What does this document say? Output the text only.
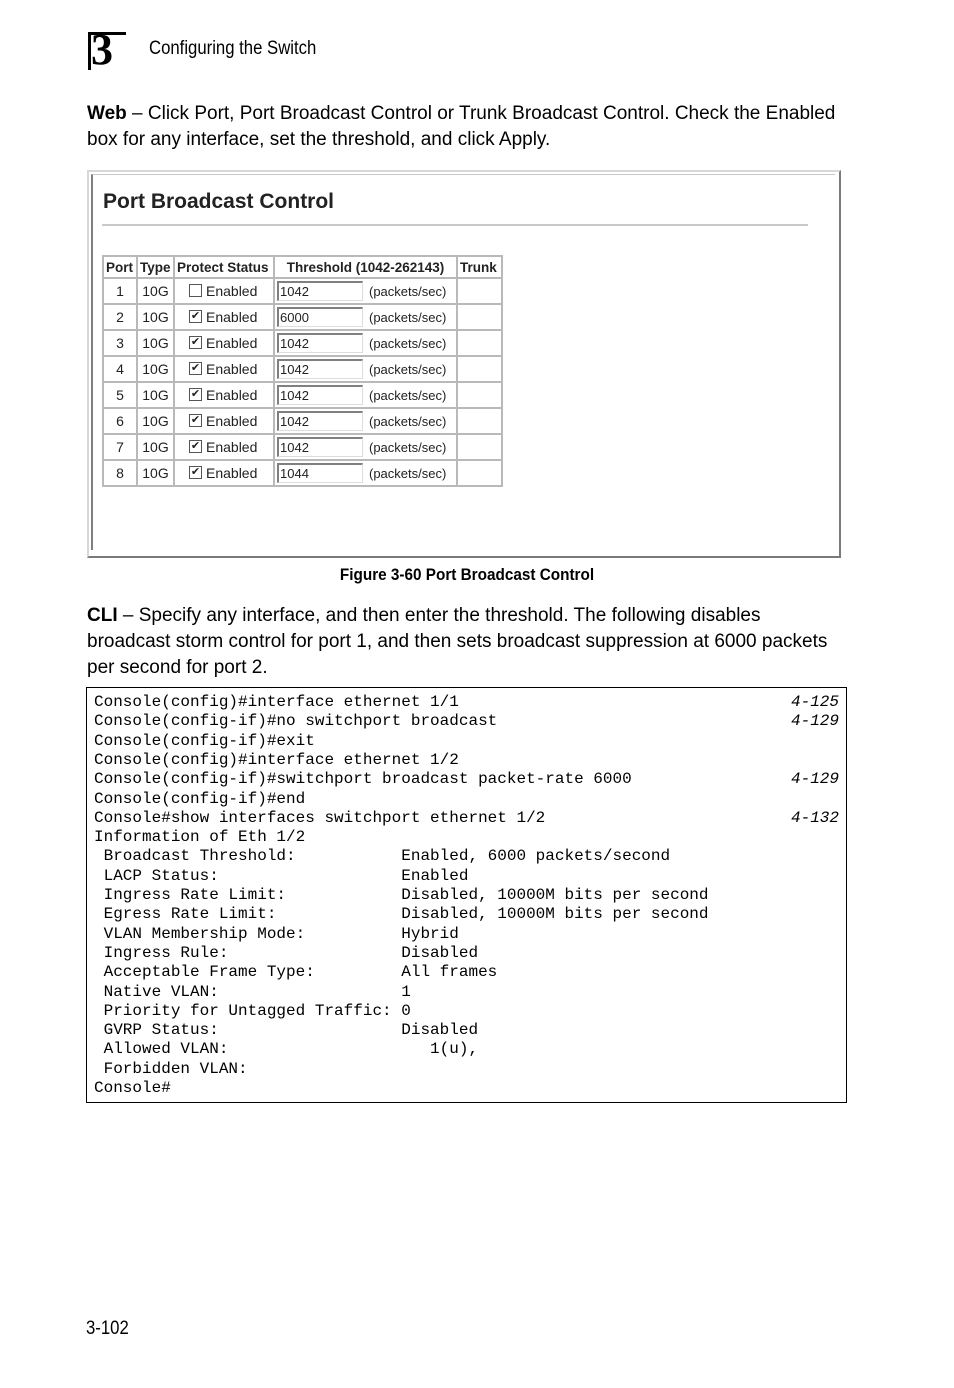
3 Configuring the Switch
Web – Click Port, Port Broadcast Control or Trunk Broadcast Control. Check the Enabled box for any interface, set the threshold, and click Apply.
Port Broadcast Control
Port	Type	Protect Status	Threshold (1042-262143)	Trunk
1	10G	Enabled	1042 (packets/sec)	
2	10G	✔ Enabled	6000 (packets/sec)	
3	10G	✔ Enabled	1042 (packets/sec)	
4	10G	✔ Enabled	1042 (packets/sec)	
5	10G	✔ Enabled	1042 (packets/sec)	
6	10G	✔ Enabled	1042 (packets/sec)	
7	10G	✔ Enabled	1042 (packets/sec)	
8	10G	✔ Enabled	1044 (packets/sec)	
Figure 3-60 Port Broadcast Control
CLI – Specify any interface, and then enter the threshold. The following disables broadcast storm control for port 1, and then sets broadcast suppression at 6000 packets per second for port 2.
Console(config)#interface ethernet 1/1	4-125
Console(config-if)#no switchport broadcast	4-129
Console(config-if)#exit
Console(config)#interface ethernet 1/2
Console(config-if)#switchport broadcast packet-rate 6000	4-129
Console(config-if)#end
Console#show interfaces switchport ethernet 1/2	4-132
Information of Eth 1/2
Broadcast Threshold:           Enabled, 6000 packets/second
LACP Status:                   Enabled
Ingress Rate Limit:            Disabled, 10000M bits per second
Egress Rate Limit:             Disabled, 10000M bits per second
VLAN Membership Mode:          Hybrid
Ingress Rule:                  Disabled
Acceptable Frame Type:         All frames
Native VLAN:                   1
Priority for Untagged Traffic: 0
GVRP Status:                   Disabled
Allowed VLAN:                     1(u),
Forbidden VLAN:
Console#
3-102
